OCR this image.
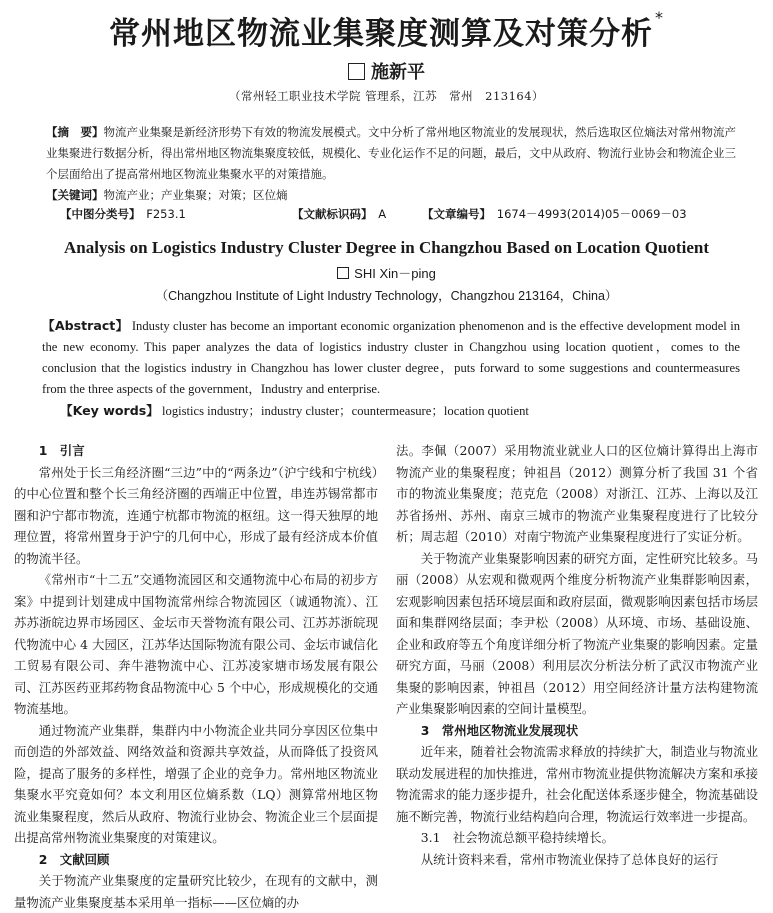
常州地区物流业集聚度测算及对策分析 *
施新平
（常州轻工职业技术学院 管理系，江苏　常州　213164）
【摘　要】物流产业集聚是新经济形势下有效的物流发展模式。文中分析了常州地区物流业的发展现状，然后选取区位熵法对常州物流产业集聚进行数据分析，得出常州地区物流集聚度较低，规模化、专业化运作不足的问题，最后，文中从政府、物流行业协会和物流企业三个层面给出了提高常州地区物流业集聚水平的对策措施。
【关键词】物流产业；产业集聚；对策；区位熵
【中图分类号】　 F253.1	【文献标识码】　 A	【文章编号】　 1674－4993(2014)05－0069－03
Analysis on Logistics Industry Cluster Degree in Changzhou Based on Location Quotient
SHI Xin－ping
（Changzhou Institute of Light Industry Technology，Changzhou 213164，China）
【Abstract】 Industy cluster has become an important economic organization phenomenon and is the effective development model in the new economy. This paper analyzes the data of logistics industry cluster in Changzhou using location quotient，comes to the conclusion that the logistics industry in Changzhou has lower cluster degree，puts forward to some suggestions and countermeasures from the three aspects of the government，Industry and enterprise.
【Key words】 logistics industry；industry cluster；countermeasure；location quotient

1　引言

常州处于长三角经济圈“三边”中的“两条边”（沪宁线和宁杭线）的中心位置和整个长三角经济圈的西端正中位置，串连苏锡常都市圈和沪宁都市物流，连通宁杭都市物流的枢纽。这一得天独厚的地理位置，将常州置身于沪宁的几何中心，形成了最有经济成本价值的物流半径。

《常州市“十二五”交通物流园区和交通物流中心布局的初步方案》中提到计划建成中国物流常州综合物流园区（诚通物流）、江苏苏浙皖边界市场园区、金坛市天誉物流有限公司、江苏苏浙皖现代物流中心 4 大园区，江苏华达国际物流有限公司、金坛市诚信化工贸易有限公司、奔牛港物流中心、江苏凌家塘市场发展有限公司、江苏医药亚邦药物食品物流中心 5 个中心，形成规模化的交通物流基地。

通过物流产业集群，集群内中小物流企业共同分享因区位集中而创造的外部效益、网络效益和资源共享效益，从而降低了投资风险，提高了服务的多样性，增强了企业的竞争力。常州地区物流业集聚水平究竟如何？本文利用区位熵系数（LQ）测算常州地区物流业集聚程度，然后从政府、物流行业协会、物流企业三个层面提出提高常州物流业集聚度的对策建议。

2　文献回顾

关于物流产业集聚度的定量研究比较少，在现有的文献中，测量物流产业集聚度基本采用单一指标——区位熵的办

法。李佩（2007）采用物流业就业人口的区位熵计算得出上海市物流产业的集聚程度；钟祖昌（2012）测算分析了我国 31 个省市的物流业集聚度；范克危（2008）对浙江、江苏、上海以及江苏省扬州、苏州、南京三城市的物流产业集聚程度进行了比较分析；周志超（2010）对南宁物流产业集聚程度进行了实证分析。

关于物流产业集聚影响因素的研究方面，定性研究比较多。马丽（2008）从宏观和微观两个维度分析物流产业集群影响因素，宏观影响因素包括环境层面和政府层面，微观影响因素包括市场层面和集群网络层面；李尹松（2008）从环境、市场、基础设施、企业和政府等五个角度详细分析了物流产业集聚的影响因素。定量研究方面，马丽（2008）利用层次分析法分析了武汉市物流产业集聚的影响因素，钟祖昌（2012）用空间经济计量方法构建物流产业集聚影响因素的空间计量模型。

3　常州地区物流业发展现状

近年来，随着社会物流需求释放的持续扩大，制造业与物流业联动发展进程的加快推进，常州市物流业提供物流解决方案和承接物流需求的能力逐步提升，社会化配送体系逐步健全，物流基础设施不断完善，物流行业结构趋向合理，物流运行效率进一步提高。

3.1　社会物流总额平稳持续增长。

从统计资料来看，常州市物流业保持了总体良好的运行
